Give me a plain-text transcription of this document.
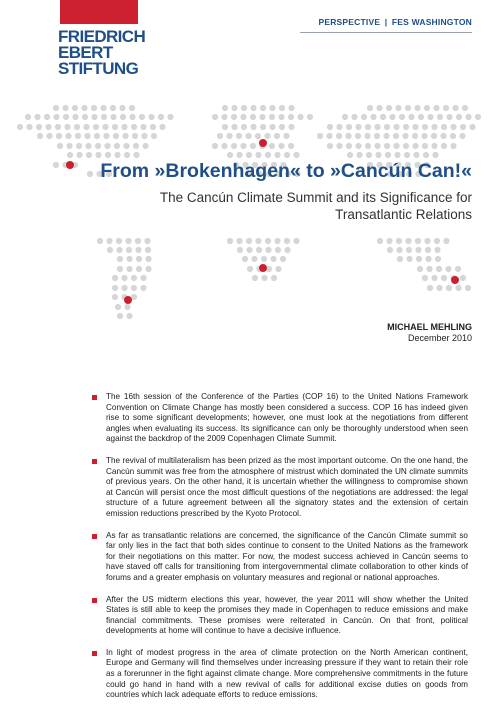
FRIEDRICH
EBERT
STIFTUNG
PERSPECTIVE | FES WASHINGTON
From »Brokenhagen« to »Cancún Can!«
The Cancún Climate Summit and its Significance for
Transatlantic Relations
MICHAEL MEHLING
December 2010

The 16th session of the Conference of the Parties (COP 16) to the United Nations Framework Convention on Climate Change has mostly been considered a success. COP 16 has indeed given rise to some significant developments; however, one must look at the negotiations from different angles when evaluating its success. Its significance can only be thoroughly understood when seen against the backdrop of the 2009 Copenhagen Climate Summit.

The revival of multilateralism has been prized as the most important outcome. On the one hand, the Cancún summit was free from the atmosphere of mistrust which dominated the UN climate summits of previous years. On the other hand, it is uncertain whether the willingness to compromise shown at Cancún will persist once the most difficult questions of the negotiations are addressed: the legal structure of a future agreement between all the signatory states and the extension of certain emission reductions prescribed by the Kyoto Protocol.

As far as transatlantic relations are concerned, the significance of the Cancún Climate summit so far only lies in the fact that both sides continue to consent to the United Nations as the framework for their negotiations on this matter. For now, the modest success achieved in Cancún seems to have staved off calls for transitioning from intergovernmental climate collaboration to other kinds of forums and a greater emphasis on voluntary measures and regional or national approaches.

After the US midterm elections this year, however, the year 2011 will show whether the United States is still able to keep the promises they made in Copenhagen to reduce emissions and make financial commitments. These promises were reiterated in Cancún. On that front, political developments at home will continue to have a decisive influence.

In light of modest progress in the area of climate protection on the North American continent, Europe and Germany will find themselves under increasing pressure if they want to retain their role as a forerunner in the fight against climate change. More comprehensive commitments in the future could go hand in hand with a new revival of calls for additional excise duties on goods from countries which lack adequate efforts to reduce emissions.
